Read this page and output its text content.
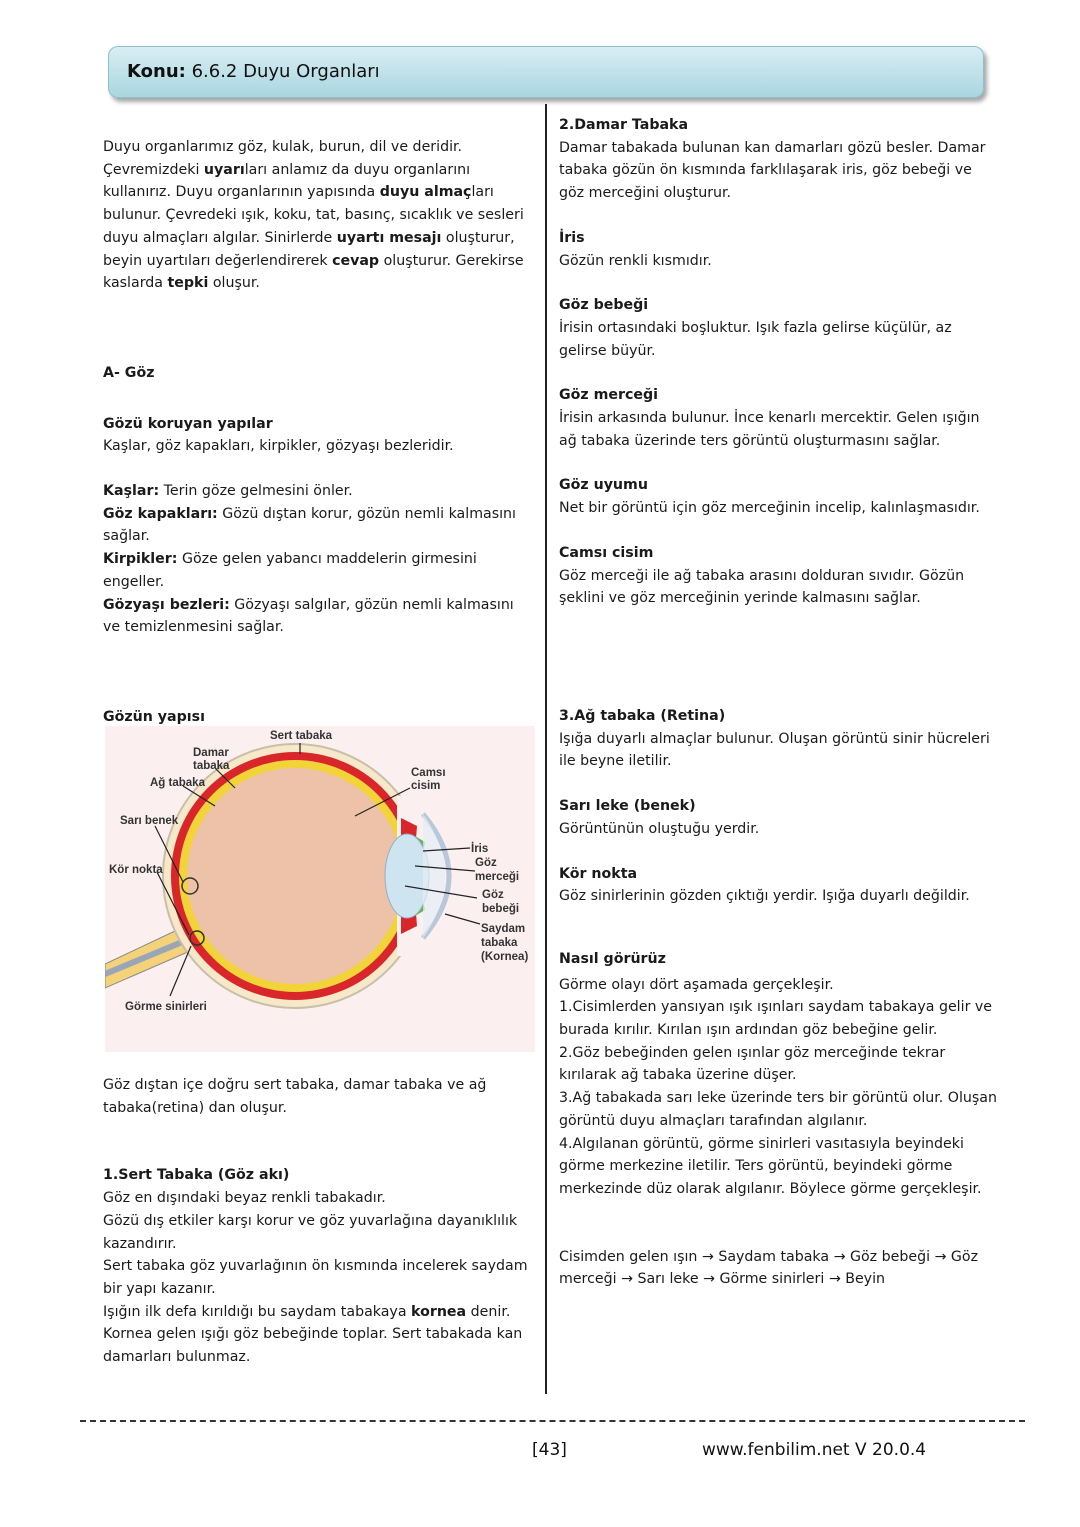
Konu: 6.6.2 Duyu Organları

Duyu organlarımız göz, kulak, burun, dil ve deridir. Çevremizdeki uyarıları anlamız da duyu organlarını kullanırız. Duyu organlarının yapısında duyu almaçları bulunur. Çevredeki ışık, koku, tat, basınç, sıcaklık ve sesleri duyu almaçları algılar. Sinirlerde uyartı mesajı oluşturur, beyin uyartıları değerlendirerek cevap oluşturur. Gerekirse kaslarda tepki oluşur.

A- Göz

Gözü koruyan yapılar

Kaşlar, göz kapakları, kirpikler, gözyaşı bezleridir.

Kaşlar: Terin göze gelmesini önler.

Göz kapakları: Gözü dıştan korur, gözün nemli kalmasını sağlar.

Kirpikler: Göze gelen yabancı maddelerin girmesini engeller.

Gözyaşı bezleri: Gözyaşı salgılar, gözün nemli kalmasını ve temizlenmesini sağlar.

Gözün yapısı

Sert tabaka
Damar
tabaka
Ağ tabaka
Camsı
cisim
Sarı benek
Kör nokta
İris
Göz
merceği
Göz
bebeği
Saydam
tabaka
(Kornea)
Görme sinirleri

Göz dıştan içe doğru sert tabaka, damar tabaka ve ağ tabaka(retina) dan oluşur.

1.Sert Tabaka (Göz akı)

Göz en dışındaki beyaz renkli tabakadır.

Gözü dış etkiler karşı korur ve göz yuvarlağına dayanıklılık kazandırır.

Sert tabaka göz yuvarlağının ön kısmında incelerek saydam bir yapı kazanır.

Işığın ilk defa kırıldığı bu saydam tabakaya kornea denir. Kornea gelen ışığı göz bebeğinde toplar. Sert tabakada kan damarları bulunmaz.

2.Damar Tabaka

Damar tabakada bulunan kan damarları gözü besler. Damar tabaka gözün ön kısmında farklılaşarak iris, göz bebeği ve göz merceğini oluşturur.

İris

Gözün renkli kısmıdır.

Göz bebeği

İrisin ortasındaki boşluktur. Işık fazla gelirse küçülür, az gelirse büyür.

Göz merceği

İrisin arkasında bulunur. İnce kenarlı mercektir. Gelen ışığın ağ tabaka üzerinde ters görüntü oluşturmasını sağlar.

Göz uyumu

Net bir görüntü için göz merceğinin incelip, kalınlaşmasıdır.

Camsı cisim

Göz merceği ile ağ tabaka arasını dolduran sıvıdır. Gözün şeklini ve göz merceğinin yerinde kalmasını sağlar.

3.Ağ tabaka (Retina)

Işığa duyarlı almaçlar bulunur. Oluşan görüntü sinir hücreleri ile beyne iletilir.

Sarı leke (benek)

Görüntünün oluştuğu yerdir.

Kör nokta

Göz sinirlerinin gözden çıktığı yerdir. Işığa duyarlı değildir.

Nasıl görürüz

Görme olayı dört aşamada gerçekleşir.

1.Cisimlerden yansıyan ışık ışınları saydam tabakaya gelir ve burada kırılır. Kırılan ışın ardından göz bebeğine gelir.

2.Göz bebeğinden gelen ışınlar göz merceğinde tekrar kırılarak ağ tabaka üzerine düşer.

3.Ağ tabakada sarı leke üzerinde ters bir görüntü olur. Oluşan görüntü duyu almaçları tarafından algılanır.

4.Algılanan görüntü, görme sinirleri vasıtasıyla beyindeki görme merkezine iletilir. Ters görüntü, beyindeki görme merkezinde düz olarak algılanır. Böylece görme gerçekleşir.

Cisimden gelen ışın → Saydam tabaka → Göz bebeği → Göz merceği → Sarı leke → Görme sinirleri → Beyin

[43]	www.fenbilim.net V 20.0.4
